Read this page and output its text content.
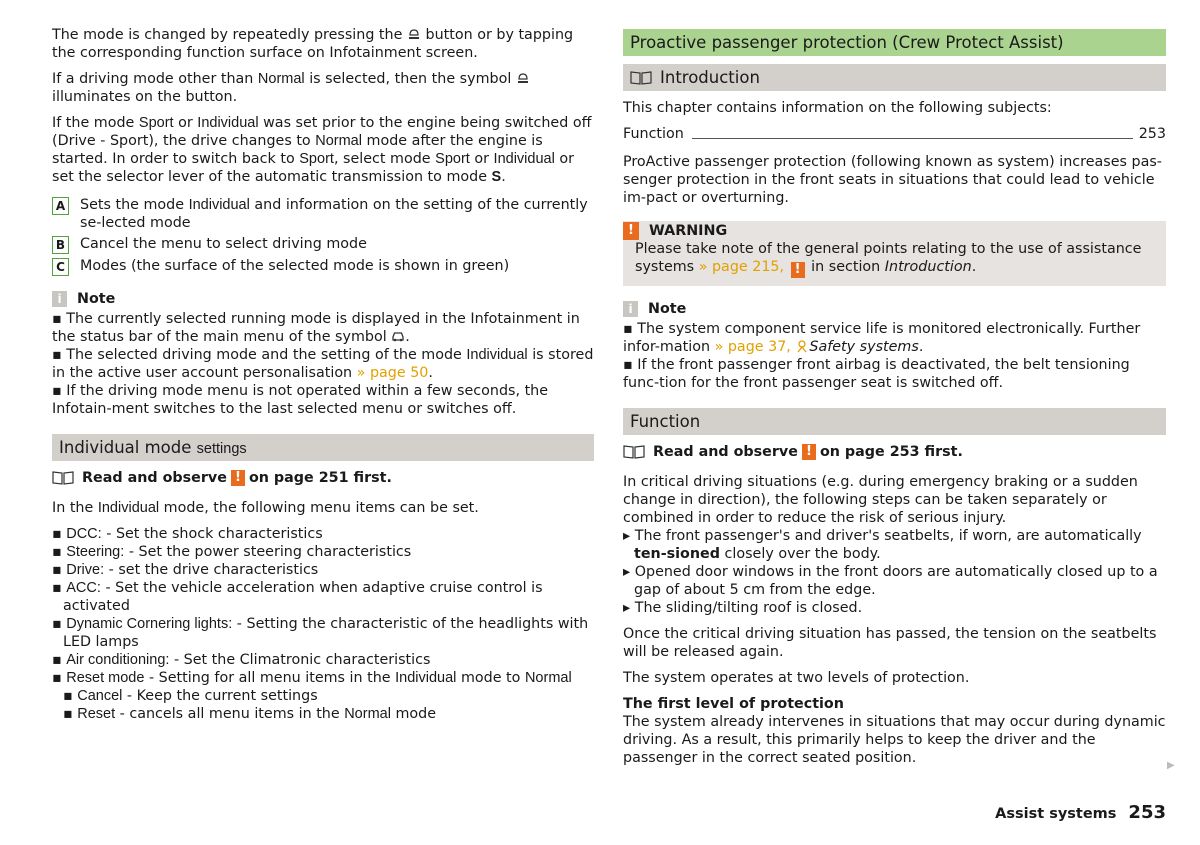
The mode is changed by repeatedly pressing the button or by tapping the corresponding function surface on Infotainment screen.

If a driving mode other than Normal is selected, then the symbol  illuminates on the button.

If the mode Sport or Individual was set prior to the engine being switched off (Drive - Sport), the drive changes to Normal mode after the engine is started. In order to switch back to Sport, select mode Sport or Individual or set the selector lever of the automatic transmission to mode S.

A Sets the mode Individual and information on the setting of the currently se-lected mode
B Cancel the menu to select driving mode
C Modes (the surface of the selected mode is shown in green)
i	Note

▪ The currently selected running mode is displayed in the Infotainment in the status bar of the main menu of the symbol .

▪ The selected driving mode and the setting of the mode Individual is stored in the active user account personalisation » page 50.

▪ If the driving mode menu is not operated within a few seconds, the Infotain-ment switches to the last selected menu or switches off.

Individual mode settings
Read and observe ! on page 251 first.

In the Individual mode, the following menu items can be set.

▪ DCC: - Set the shock characteristics
▪ Steering: - Set the power steering characteristics
▪ Drive: - set the drive characteristics
▪ ACC: - Set the vehicle acceleration when adaptive cruise control is activated
▪ Dynamic Cornering lights: - Setting the characteristic of the headlights with LED lamps
▪ Air conditioning: - Set the Climatronic characteristics
▪ Reset mode - Setting for all menu items in the Individual mode to Normal
▪ Cancel - Keep the current settings
▪ Reset - cancels all menu items in the Normal mode
Proactive passenger protection (Crew Protect Assist)
Introduction

This chapter contains information on the following subjects:

Function	253

ProActive passenger protection (following known as system) increases pas-senger protection in the front seats in situations that could lead to vehicle im-pact or overturning.

!	WARNING
Please take note of the general points relating to the use of assistance systems » page 215, ! in section Introduction.
i	Note

▪ The system component service life is monitored electronically. Further infor-mation » page 37, Safety systems.

▪ If the front passenger front airbag is deactivated, the belt tensioning func-tion for the front passenger seat is switched off.

Function
Read and observe ! on page 253 first.

In critical driving situations (e.g. during emergency braking or a sudden change in direction), the following steps can be taken separately or combined in order to reduce the risk of serious injury.

▸ The front passenger's and driver's seatbelts, if worn, are automatically ten-sioned closely over the body.
▸ Opened door windows in the front doors are automatically closed up to a gap of about 5 cm from the edge.
▸ The sliding/tilting roof is closed.

Once the critical driving situation has passed, the tension on the seatbelts will be released again.

The system operates at two levels of protection.

The first level of protection

The system already intervenes in situations that may occur during dynamic driving. As a result, this primarily helps to keep the driver and the passenger in the correct seated position.	▶
Assist systems 253
